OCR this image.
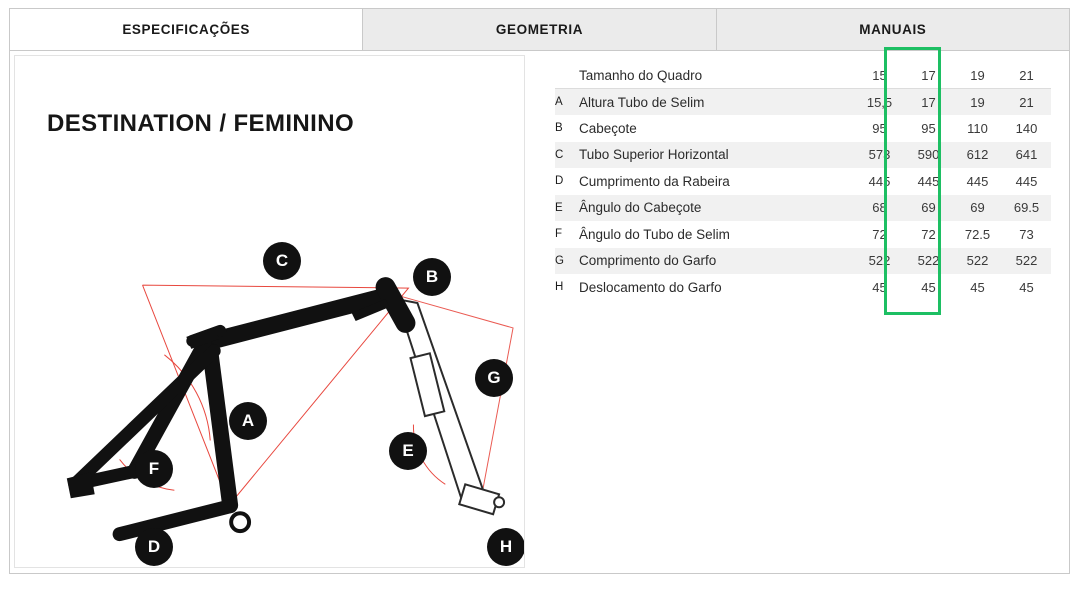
ESPECIFICAÇÕES	GEOMETRIA	MANUAIS
DESTINATION / FEMININO
C
B
G
A
E
F
D	H
	Tamanho do Quadro	15	17	19	21
A	Altura Tubo de Selim	15,5	17	19	21
B	Cabeçote	95	95	110	140
C	Tubo Superior Horizontal	573	590	612	641
D	Cumprimento da Rabeira	445	445	445	445
E	Ângulo do Cabeçote	68	69	69	69.5
F	Ângulo do Tubo de Selim	72	72	72.5	73
G	Comprimento do Garfo	522	522	522	522
H	Deslocamento do Garfo	45	45	45	45
